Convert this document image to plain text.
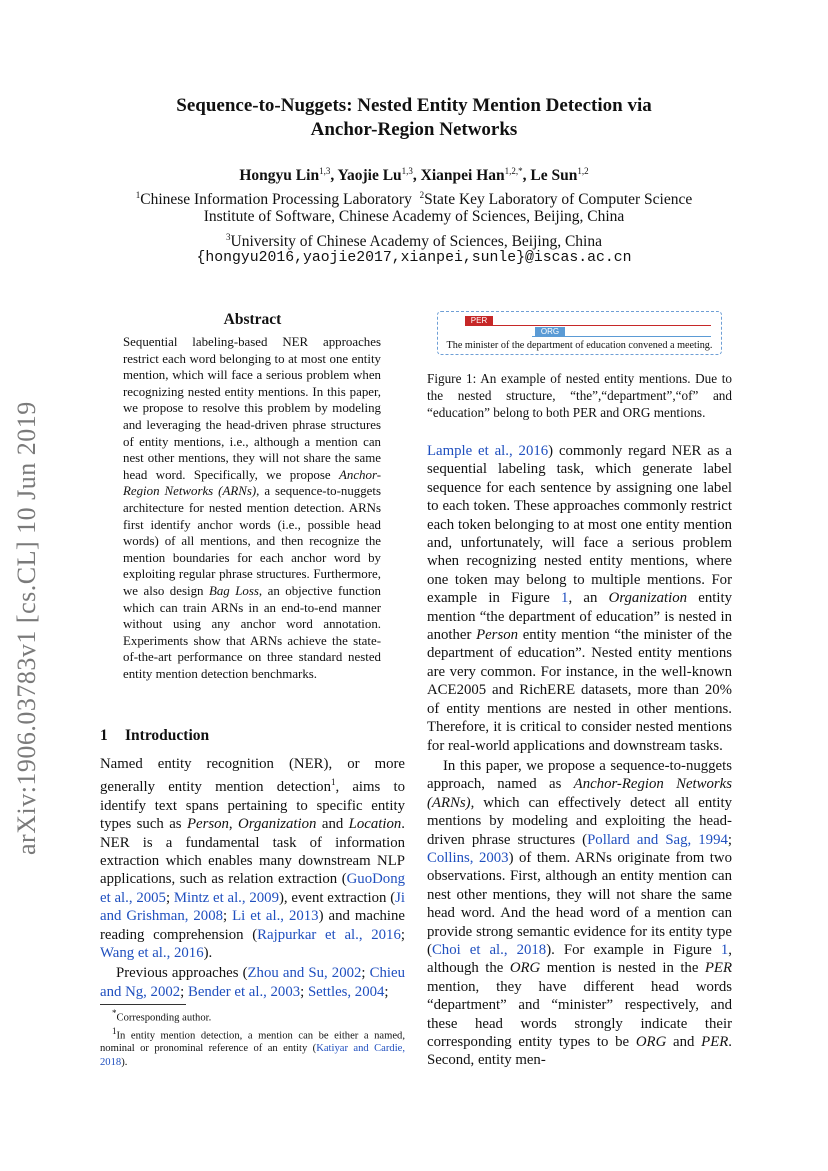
Sequence-to-Nuggets: Nested Entity Mention Detection via
Anchor-Region Networks
Hongyu Lin$^{1,3}$, Yaojie Lu$^{1,3}$, Xianpei Han$^{1,2,*}$, Le Sun$^{1,2}$
$^1$Chinese Information Processing Laboratory $^2$State Key Laboratory of Computer Science
Institute of Software, Chinese Academy of Sciences, Beijing, China
$^3$University of Chinese Academy of Sciences, Beijing, China
{hongyu2016,yaojie2017,xianpei,sunle}@iscas.ac.cn
arXiv:1906.03783v1 [cs.CL] 10 Jun 2019
Abstract
Sequential labeling-based NER approaches restrict each word belonging to at most one entity mention, which will face a serious problem when recognizing nested entity mentions. In this paper, we propose to resolve this problem by modeling and leveraging the head-driven phrase structures of entity mentions, i.e., although a mention can nest other mentions, they will not share the same head word. Specifically, we propose Anchor-Region Networks (ARNs), a sequence-to-nuggets architecture for nested mention detection. ARNs first identify anchor words (i.e., possible head words) of all mentions, and then recognize the mention boundaries for each anchor word by exploiting regular phrase structures. Furthermore, we also design Bag Loss, an objective function which can train ARNs in an end-to-end manner without using any anchor word annotation. Experiments show that ARNs achieve the state-of-the-art performance on three standard nested entity mention detection benchmarks.
1 Introduction
Named entity recognition (NER), or more generally entity mention detection$^1$, aims to identify text spans pertaining to specific entity types such as Person, Organization and Location. NER is a fundamental task of information extraction which enables many downstream NLP applications, such as relation extraction (GuoDong et al., 2005; Mintz et al., 2009), event extraction (Ji and Grishman, 2008; Li et al., 2013) and machine reading comprehension (Rajpurkar et al., 2016; Wang et al., 2016).
Previous approaches (Zhou and Su, 2002; Chieu and Ng, 2002; Bender et al., 2003; Settles, 2004;
*Corresponding author.
$^1$In entity mention detection, a mention can be either a named, nominal or pronominal reference of an entity (Katiyar and Cardie, 2018).
PER
ORG
The minister of the department of education convened a meeting.
Figure 1: An example of nested entity mentions. Due to the nested structure, “the”,“department”,“of” and “education” belong to both PER and ORG mentions.
Lample et al., 2016) commonly regard NER as a sequential labeling task, which generate label sequence for each sentence by assigning one label to each token. These approaches commonly restrict each token belonging to at most one entity mention and, unfortunately, will face a serious problem when recognizing nested entity mentions, where one token may belong to multiple mentions. For example in Figure 1, an Organization entity mention “the department of education” is nested in another Person entity mention “the minister of the department of education”. Nested entity mentions are very common. For instance, in the well-known ACE2005 and RichERE datasets, more than 20% of entity mentions are nested in other mentions. Therefore, it is critical to consider nested mentions for real-world applications and downstream tasks.
In this paper, we propose a sequence-to-nuggets approach, named as Anchor-Region Networks (ARNs), which can effectively detect all entity mentions by modeling and exploiting the head-driven phrase structures (Pollard and Sag, 1994; Collins, 2003) of them. ARNs originate from two observations. First, although an entity mention can nest other mentions, they will not share the same head word. And the head word of a mention can provide strong semantic evidence for its entity type (Choi et al., 2018). For example in Figure 1, although the ORG mention is nested in the PER mention, they have different head words “department” and “minister” respectively, and these head words strongly indicate their corresponding entity types to be ORG and PER. Second, entity men-
